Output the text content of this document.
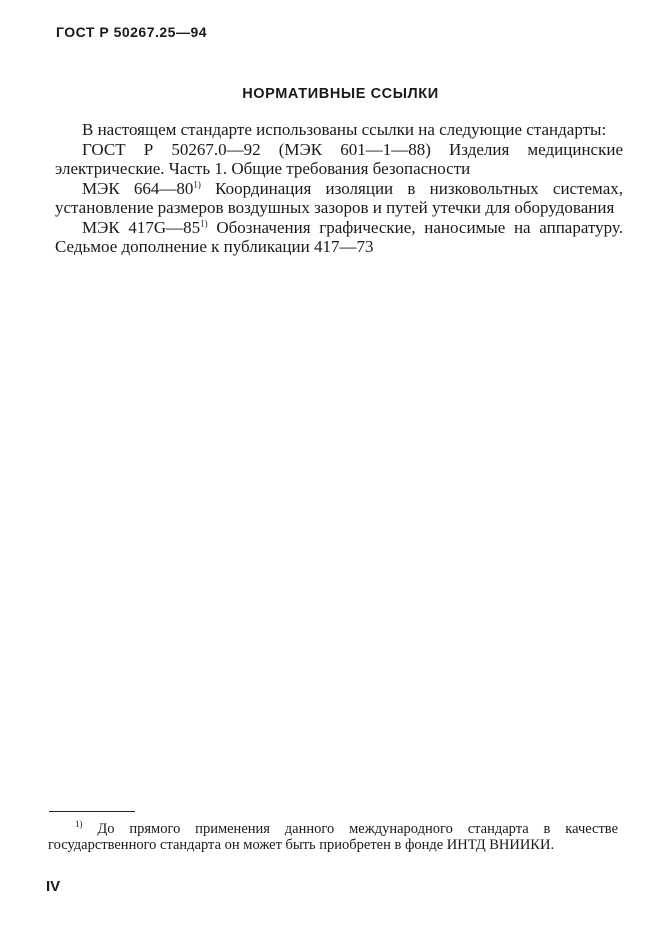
ГОСТ Р 50267.25—94
НОРМАТИВНЫЕ ССЫЛКИ

В настоящем стандарте использованы ссылки на следующие стандарты:

ГОСТ Р 50267.0—92 (МЭК 601—1—88) Изделия медицинские электрические. Часть 1. Общие требования безопасности

МЭК 664—80$^{1)}$ Координация изоляции в низковольтных системах, установление размеров воздушных зазоров и путей утечки для оборудования

МЭК 417G—85$^{1)}$ Обозначения графические, наносимые на аппаратуру. Седьмое дополнение к публикации 417—73

$^{1)}$ До прямого применения данного международного стандарта в качестве государственного стандарта он может быть приобретен в фонде ИНТД ВНИИКИ.

IV
